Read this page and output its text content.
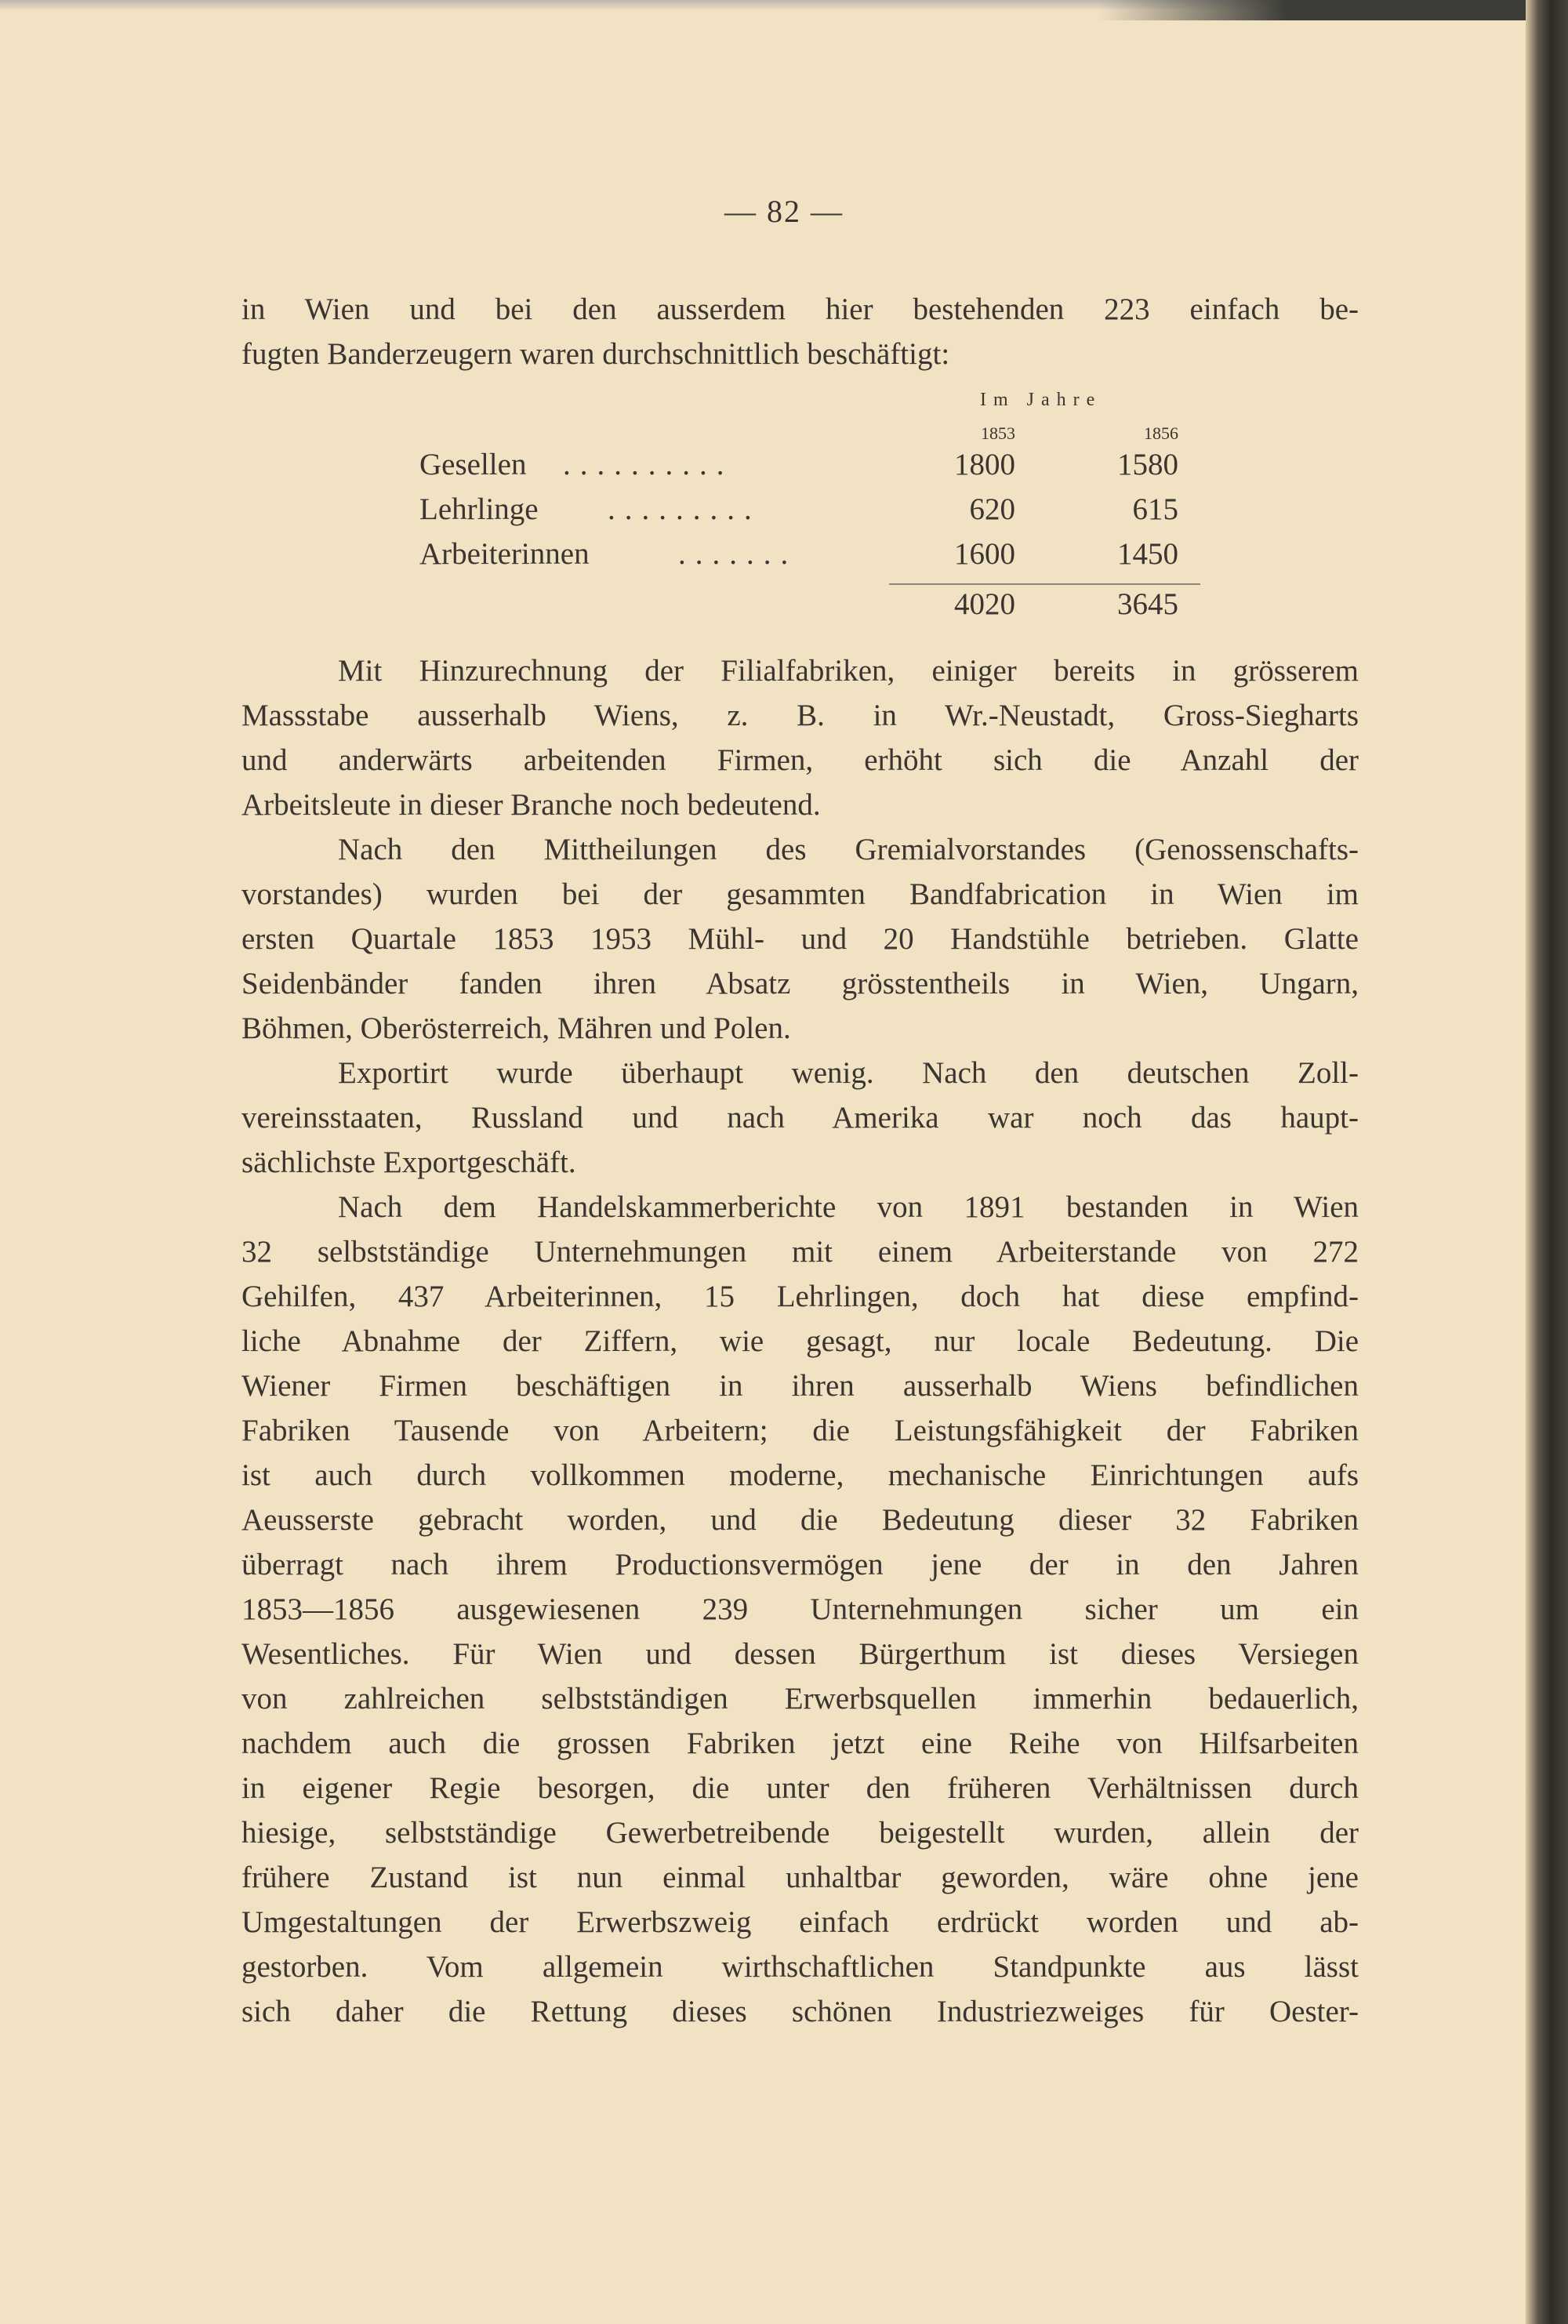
— 82 —
in Wien und bei den ausserdem hier bestehenden 223 einfach be-
fugten Banderzeugern waren durchschnittlich beschäftigt:
Im Jahre
1853	1856
Gesellen ..........	1800	1580
Lehrlinge .........	620	615
Arbeiterinnen	.......	1600	1450
4020	3645
Mit Hinzurechnung der Filialfabriken, einiger bereits in grösserem
Massstabe ausserhalb Wiens, z. B. in Wr.-Neustadt, Gross-Siegharts
und anderwärts arbeitenden Firmen, erhöht sich die Anzahl der
Arbeitsleute in dieser Branche noch bedeutend.
Nach den Mittheilungen des Gremialvorstandes (Genossenschafts-
vorstandes) wurden bei der gesammten Bandfabrication in Wien im
ersten Quartale 1853 1953 Mühl- und 20 Handstühle betrieben. Glatte
Seidenbänder fanden ihren Absatz grösstentheils in Wien, Ungarn,
Böhmen, Oberösterreich, Mähren und Polen.
Exportirt wurde überhaupt wenig. Nach den deutschen Zoll-
vereinsstaaten, Russland und nach Amerika war noch das haupt-
sächlichste Exportgeschäft.
Nach dem Handelskammerberichte von 1891 bestanden in Wien
32 selbstständige Unternehmungen mit einem Arbeiterstande von 272
Gehilfen, 437 Arbeiterinnen, 15 Lehrlingen, doch hat diese empfind-
liche Abnahme der Ziffern, wie gesagt, nur locale Bedeutung. Die
Wiener Firmen beschäftigen in ihren ausserhalb Wiens befindlichen
Fabriken Tausende von Arbeitern; die Leistungsfähigkeit der Fabriken
ist auch durch vollkommen moderne, mechanische Einrichtungen aufs
Aeusserste gebracht worden, und die Bedeutung dieser 32 Fabriken
überragt nach ihrem Productionsvermögen jene der in den Jahren
1853—1856 ausgewiesenen 239 Unternehmungen sicher um ein
Wesentliches. Für Wien und dessen Bürgerthum ist dieses Versiegen
von zahlreichen selbstständigen Erwerbsquellen immerhin bedauerlich,
nachdem auch die grossen Fabriken jetzt eine Reihe von Hilfsarbeiten
in eigener Regie besorgen, die unter den früheren Verhältnissen durch
hiesige, selbstständige Gewerbetreibende beigestellt wurden, allein der
frühere Zustand ist nun einmal unhaltbar geworden, wäre ohne jene
Umgestaltungen der Erwerbszweig einfach erdrückt worden und ab-
gestorben. Vom allgemein wirthschaftlichen Standpunkte aus lässt
sich daher die Rettung dieses schönen Industriezweiges für Oester-
